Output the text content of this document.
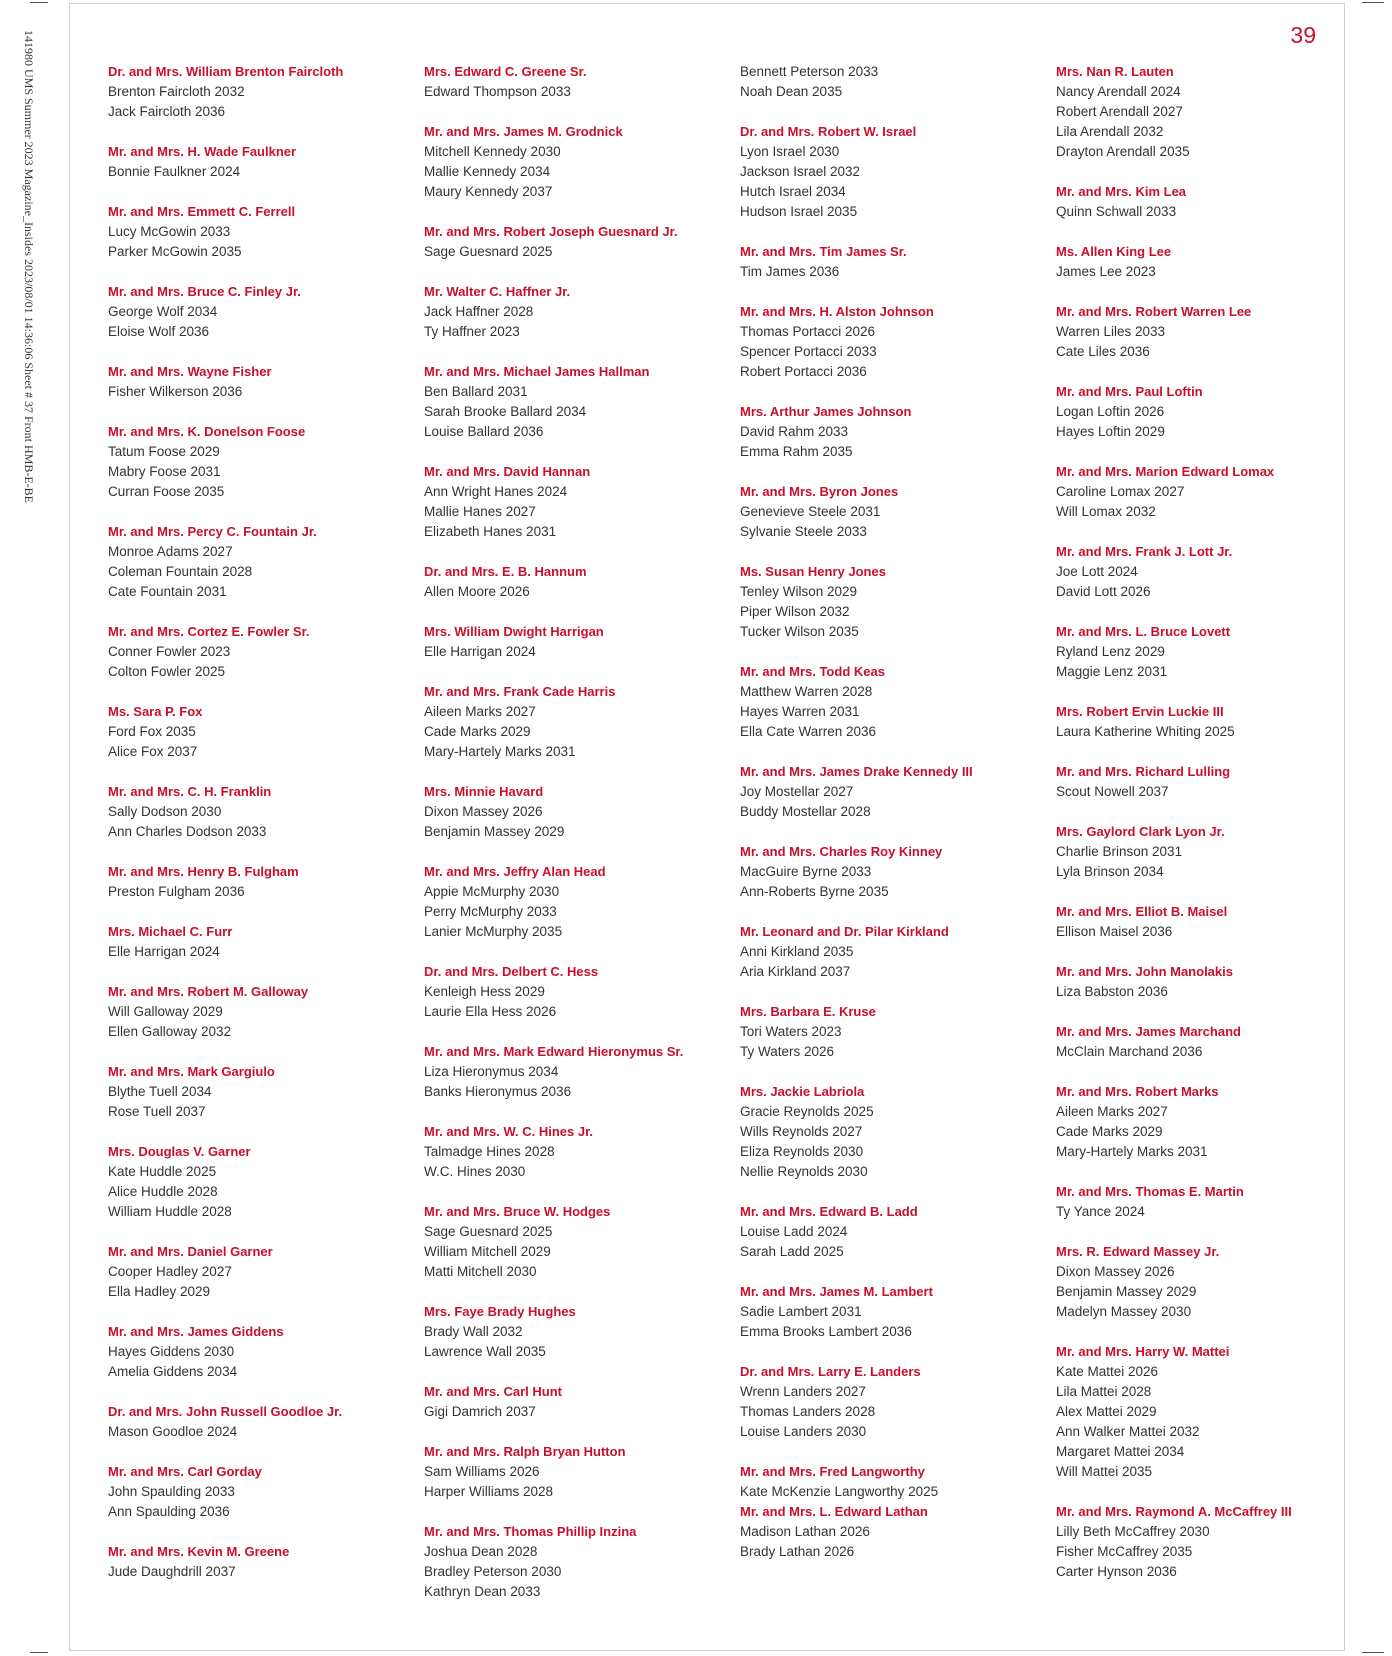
141980 UMS Summer 2023 Magazine_Insides 2023/08/01 14:36:06 Sheet # 37 Front HMB-E-BE	39
Dr. and Mrs. William Brenton Faircloth
Brenton Faircloth 2032
Jack Faircloth 2036
Mr. and Mrs. H. Wade Faulkner
Bonnie Faulkner 2024
Mr. and Mrs. Emmett C. Ferrell
Lucy McGowin 2033
Parker McGowin 2035
Mr. and Mrs. Bruce C. Finley Jr.
George Wolf 2034
Eloise Wolf 2036
Mr. and Mrs. Wayne Fisher
Fisher Wilkerson 2036
Mr. and Mrs. K. Donelson Foose
Tatum Foose 2029
Mabry Foose 2031
Curran Foose 2035
Mr. and Mrs. Percy C. Fountain Jr.
Monroe Adams 2027
Coleman Fountain 2028
Cate Fountain 2031
Mr. and Mrs. Cortez E. Fowler Sr.
Conner Fowler 2023
Colton Fowler 2025
Ms. Sara P. Fox
Ford Fox 2035
Alice Fox 2037
Mr. and Mrs. C. H. Franklin
Sally Dodson 2030
Ann Charles Dodson 2033
Mr. and Mrs. Henry B. Fulgham
Preston Fulgham 2036
Mrs. Michael C. Furr
Elle Harrigan 2024
Mr. and Mrs. Robert M. Galloway
Will Galloway 2029
Ellen Galloway 2032
Mr. and Mrs. Mark Gargiulo
Blythe Tuell 2034
Rose Tuell 2037
Mrs. Douglas V. Garner
Kate Huddle 2025
Alice Huddle 2028
William Huddle 2028
Mr. and Mrs. Daniel Garner
Cooper Hadley 2027
Ella Hadley 2029
Mr. and Mrs. James Giddens
Hayes Giddens 2030
Amelia Giddens 2034
Dr. and Mrs. John Russell Goodloe Jr.
Mason Goodloe 2024
Mr. and Mrs. Carl Gorday
John Spaulding 2033
Ann Spaulding 2036
Mr. and Mrs. Kevin M. Greene
Jude Daughdrill 2037
Mrs. Edward C. Greene Sr.
Edward Thompson 2033
Mr. and Mrs. James M. Grodnick
Mitchell Kennedy 2030
Mallie Kennedy 2034
Maury Kennedy 2037
Mr. and Mrs. Robert Joseph Guesnard Jr.
Sage Guesnard 2025
Mr. Walter C. Haffner Jr.
Jack Haffner 2028
Ty Haffner 2023
Mr. and Mrs. Michael James Hallman
Ben Ballard 2031
Sarah Brooke Ballard 2034
Louise Ballard 2036
Mr. and Mrs. David Hannan
Ann Wright Hanes 2024
Mallie Hanes 2027
Elizabeth Hanes 2031
Dr. and Mrs. E. B. Hannum
Allen Moore 2026
Mrs. William Dwight Harrigan
Elle Harrigan 2024
Mr. and Mrs. Frank Cade Harris
Aileen Marks 2027
Cade Marks 2029
Mary-Hartely Marks 2031
Mrs. Minnie Havard
Dixon Massey 2026
Benjamin Massey 2029
Mr. and Mrs. Jeffry Alan Head
Appie McMurphy 2030
Perry McMurphy 2033
Lanier McMurphy 2035
Dr. and Mrs. Delbert C. Hess
Kenleigh Hess 2029
Laurie Ella Hess 2026
Mr. and Mrs. Mark Edward Hieronymus Sr.
Liza Hieronymus 2034
Banks Hieronymus 2036
Mr. and Mrs. W. C. Hines Jr.
Talmadge Hines 2028
W.C. Hines 2030
Mr. and Mrs. Bruce W. Hodges
Sage Guesnard 2025
William Mitchell 2029
Matti Mitchell 2030
Mrs. Faye Brady Hughes
Brady Wall 2032
Lawrence Wall 2035
Mr. and Mrs. Carl Hunt
Gigi Damrich 2037
Mr. and Mrs. Ralph Bryan Hutton
Sam Williams 2026
Harper Williams 2028
Mr. and Mrs. Thomas Phillip Inzina
Joshua Dean 2028
Bradley Peterson 2030
Kathryn Dean 2033
Bennett Peterson 2033
Noah Dean 2035
Dr. and Mrs. Robert W. Israel
Lyon Israel 2030
Jackson Israel 2032
Hutch Israel 2034
Hudson Israel 2035
Mr. and Mrs. Tim James Sr.
Tim James 2036
Mr. and Mrs. H. Alston Johnson
Thomas Portacci 2026
Spencer Portacci 2033
Robert Portacci 2036
Mrs. Arthur James Johnson
David Rahm 2033
Emma Rahm 2035
Mr. and Mrs. Byron Jones
Genevieve Steele 2031
Sylvanie Steele 2033
Ms. Susan Henry Jones
Tenley Wilson 2029
Piper Wilson 2032
Tucker Wilson 2035
Mr. and Mrs. Todd Keas
Matthew Warren 2028
Hayes Warren 2031
Ella Cate Warren 2036
Mr. and Mrs. James Drake Kennedy III
Joy Mostellar 2027
Buddy Mostellar 2028
Mr. and Mrs. Charles Roy Kinney
MacGuire Byrne 2033
Ann-Roberts Byrne 2035
Mr. Leonard and Dr. Pilar Kirkland
Anni Kirkland 2035
Aria Kirkland 2037
Mrs. Barbara E. Kruse
Tori Waters 2023
Ty Waters 2026
Mrs. Jackie Labriola
Gracie Reynolds 2025
Wills Reynolds 2027
Eliza Reynolds 2030
Nellie Reynolds 2030
Mr. and Mrs. Edward B. Ladd
Louise Ladd 2024
Sarah Ladd 2025
Mr. and Mrs. James M. Lambert
Sadie Lambert 2031
Emma Brooks Lambert 2036
Dr. and Mrs. Larry E. Landers
Wrenn Landers 2027
Thomas Landers 2028
Louise Landers 2030
Mr. and Mrs. Fred Langworthy
Kate McKenzie Langworthy 2025
Mr. and Mrs. L. Edward Lathan
Madison Lathan 2026
Brady Lathan 2026
Mrs. Nan R. Lauten
Nancy Arendall 2024
Robert Arendall 2027
Lila Arendall 2032
Drayton Arendall 2035
Mr. and Mrs. Kim Lea
Quinn Schwall 2033
Ms. Allen King Lee
James Lee 2023
Mr. and Mrs. Robert Warren Lee
Warren Liles 2033
Cate Liles 2036
Mr. and Mrs. Paul Loftin
Logan Loftin 2026
Hayes Loftin 2029
Mr. and Mrs. Marion Edward Lomax
Caroline Lomax 2027
Will Lomax 2032
Mr. and Mrs. Frank J. Lott Jr.
Joe Lott 2024
David Lott 2026
Mr. and Mrs. L. Bruce Lovett
Ryland Lenz 2029
Maggie Lenz 2031
Mrs. Robert Ervin Luckie III
Laura Katherine Whiting 2025
Mr. and Mrs. Richard Lulling
Scout Nowell 2037
Mrs. Gaylord Clark Lyon Jr.
Charlie Brinson 2031
Lyla Brinson 2034
Mr. and Mrs. Elliot B. Maisel
Ellison Maisel 2036
Mr. and Mrs. John Manolakis
Liza Babston 2036
Mr. and Mrs. James Marchand
McClain Marchand 2036
Mr. and Mrs. Robert Marks
Aileen Marks 2027
Cade Marks 2029
Mary-Hartely Marks 2031
Mr. and Mrs. Thomas E. Martin
Ty Yance 2024
Mrs. R. Edward Massey Jr.
Dixon Massey 2026
Benjamin Massey 2029
Madelyn Massey 2030
Mr. and Mrs. Harry W. Mattei
Kate Mattei 2026
Lila Mattei 2028
Alex Mattei 2029
Ann Walker Mattei 2032
Margaret Mattei 2034
Will Mattei 2035
Mr. and Mrs. Raymond A. McCaffrey III
Lilly Beth McCaffrey 2030
Fisher McCaffrey 2035
Carter Hynson 2036
